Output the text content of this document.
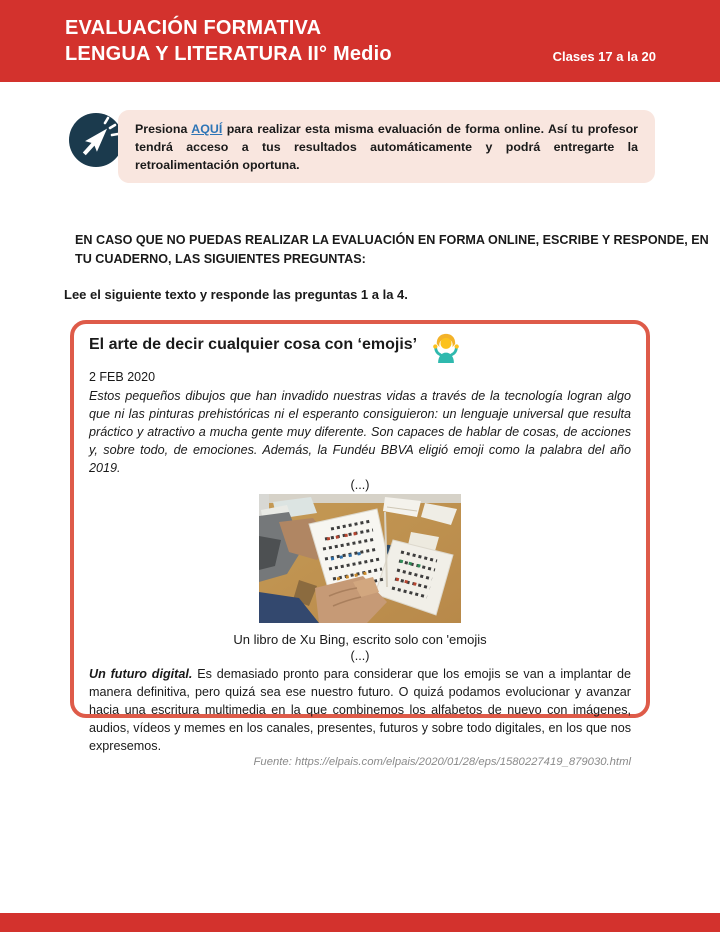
EVALUACIÓN FORMATIVA
LENGUA Y LITERATURA II° Medio	Clases 17 a la 20

Presiona AQUÍ para realizar esta misma evaluación de forma online. Así tu profesor tendrá acceso a tus resultados automáticamente y podrá entregarte la retroalimentación oportuna.

EN CASO QUE NO PUEDAS REALIZAR LA EVALUACIÓN EN FORMA ONLINE, ESCRIBE Y RESPONDE, EN
TU CUADERNO, LAS SIGUIENTES PREGUNTAS:
Lee el siguiente texto y responde las preguntas 1 a la 4.
El arte de decir cualquier cosa con ‘emojis’
2 FEB 2020

Estos pequeños dibujos que han invadido nuestras vidas a través de la tecnología logran algo que ni las pinturas prehistóricas ni el esperanto consiguieron: un lenguaje universal que resulta práctico y atractivo a mucha gente muy diferente. Son capaces de hablar de cosas, de acciones y, sobre todo, de emociones. Además, la Fundéu BBVA eligió emoji como la palabra del año 2019.

(...)
Un libro de Xu Bing, escrito solo con 'emojis
(...)

Un futuro digital. Es demasiado pronto para considerar que los emojis se van a implantar de manera definitiva, pero quizá sea ese nuestro futuro. O quizá podamos evolucionar y avanzar hacia una escritura multimedia en la que combinemos los alfabetos de nuevo con imágenes, audios, vídeos y memes en los canales, presentes, futuros y sobre todo digitales, en los que nos expresemos.

Fuente: https://elpais.com/elpais/2020/01/28/eps/1580227419_879030.html
